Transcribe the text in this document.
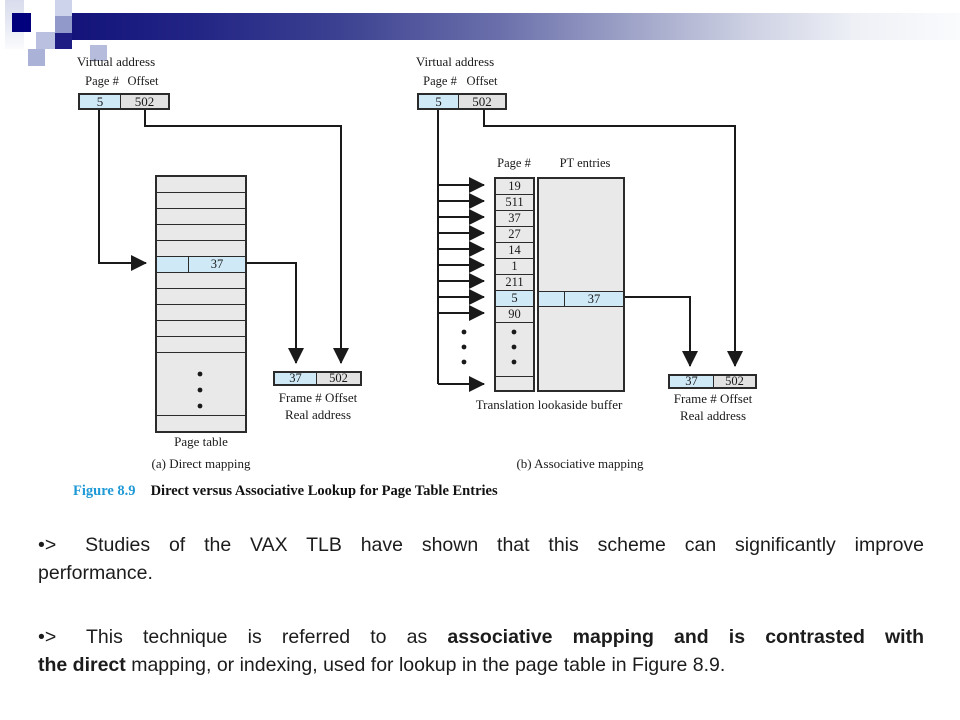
Virtual address
Page # Offset
5	502
37
Page table
37	502
Frame # Offset
Real address
(a) Direct mapping
Virtual address
Page # Offset
5	502
Page # PT entries
19
511
37
27
14
1
211
5
90
37
Translation lookaside buffer
37	502
Frame # Offset
Real address
(b) Associative mapping
Figure 8.9 Direct versus Associative Lookup for Page Table Entries
•> Studies of the VAX TLB have shown that this scheme can significantly improve
performance.
•> This technique is referred to as associative mapping and is contrasted with
the direct mapping, or indexing, used for lookup in the page table in Figure 8.9.
